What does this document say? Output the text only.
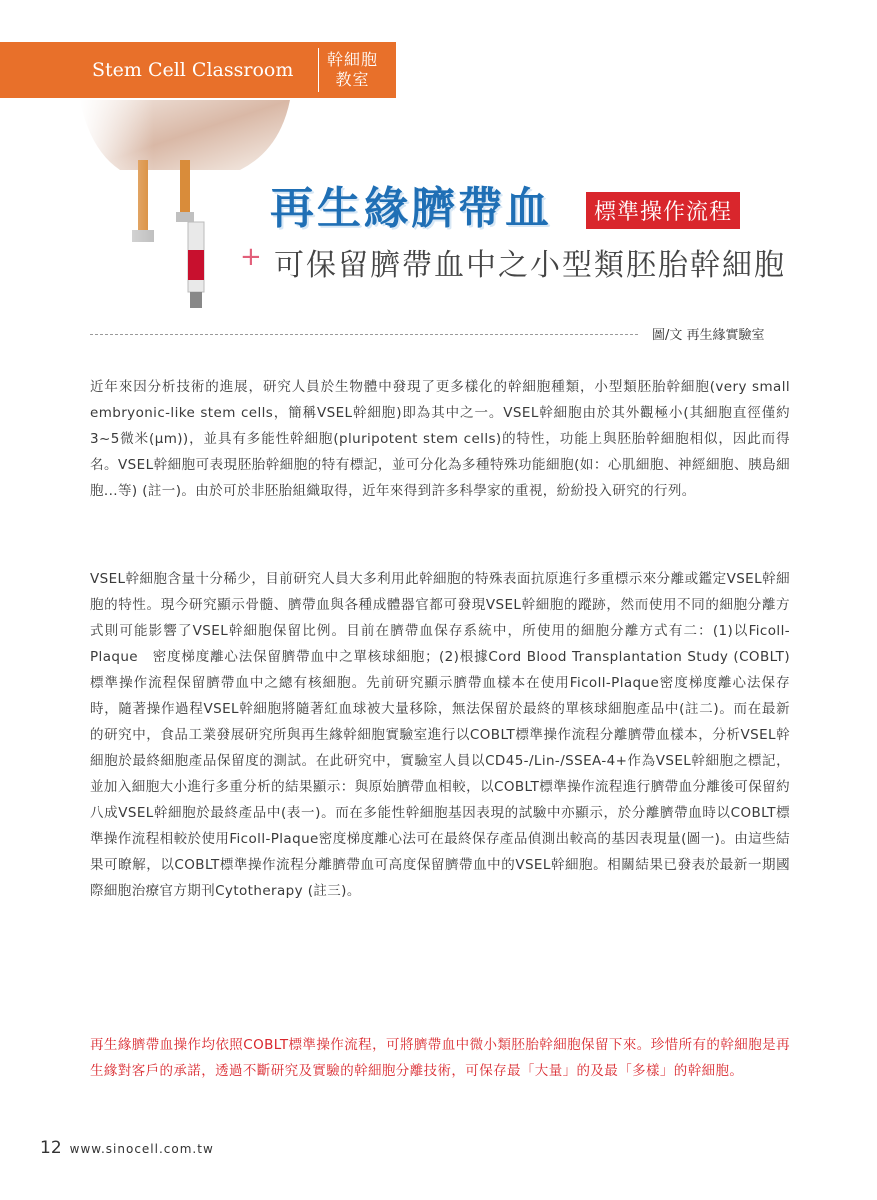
Stem Cell Classroom	幹細胞
教室
+
再生緣臍帶血	標準操作流程
可保留臍帶血中之小型類胚胎幹細胞
圖/文 再生緣實驗室

近年來因分析技術的進展，研究人員於生物體中發現了更多樣化的幹細胞種類，小型類胚胎幹細胞(very small embryonic-like stem cells，簡稱VSEL幹細胞)即為其中之一。VSEL幹細胞由於其外觀極小(其細胞直徑僅約3~5微米(μm))，並具有多能性幹細胞(pluripotent stem cells)的特性，功能上與胚胎幹細胞相似，因此而得名。VSEL幹細胞可表現胚胎幹細胞的特有標記，並可分化為多種特殊功能細胞(如：心肌細胞、神經細胞、胰島細胞...等) (註一)。由於可於非胚胎組織取得，近年來得到許多科學家的重視，紛紛投入研究的行列。

VSEL幹細胞含量十分稀少，目前研究人員大多利用此幹細胞的特殊表面抗原進行多重標示來分離或鑑定VSEL幹細胞的特性。現今研究顯示骨髓、臍帶血與各種成體器官都可發現VSEL幹細胞的蹤跡，然而使用不同的細胞分離方式則可能影響了VSEL幹細胞保留比例。目前在臍帶血保存系統中，所使用的細胞分離方式有二：(1)以Ficoll-Plaque　密度梯度離心法保留臍帶血中之單核球細胞；(2)根據Cord Blood Transplantation Study (COBLT) 標準操作流程保留臍帶血中之總有核細胞。先前研究顯示臍帶血樣本在使用Ficoll-Plaque密度梯度離心法保存時，隨著操作過程VSEL幹細胞將隨著紅血球被大量移除，無法保留於最終的單核球細胞產品中(註二)。而在最新的研究中，食品工業發展研究所與再生緣幹細胞實驗室進行以COBLT標準操作流程分離臍帶血樣本，分析VSEL幹細胞於最終細胞產品保留度的測試。在此研究中，實驗室人員以CD45-/Lin-/SSEA-4+作為VSEL幹細胞之標記，並加入細胞大小進行多重分析的結果顯示：與原始臍帶血相較，以COBLT標準操作流程進行臍帶血分離後可保留約八成VSEL幹細胞於最終產品中(表一)。而在多能性幹細胞基因表現的試驗中亦顯示，於分離臍帶血時以COBLT標準操作流程相較於使用Ficoll-Plaque密度梯度離心法可在最終保存產品偵測出較高的基因表現量(圖一)。由這些結果可瞭解，以COBLT標準操作流程分離臍帶血可高度保留臍帶血中的VSEL幹細胞。相關結果已發表於最新一期國際細胞治療官方期刊Cytotherapy (註三)。

再生緣臍帶血操作均依照COBLT標準操作流程，可將臍帶血中微小類胚胎幹細胞保留下來。珍惜所有的幹細胞是再生緣對客戶的承諾，透過不斷研究及實驗的幹細胞分離技術，可保存最「大量」的及最「多樣」的幹細胞。

12 www.sinocell.com.tw
